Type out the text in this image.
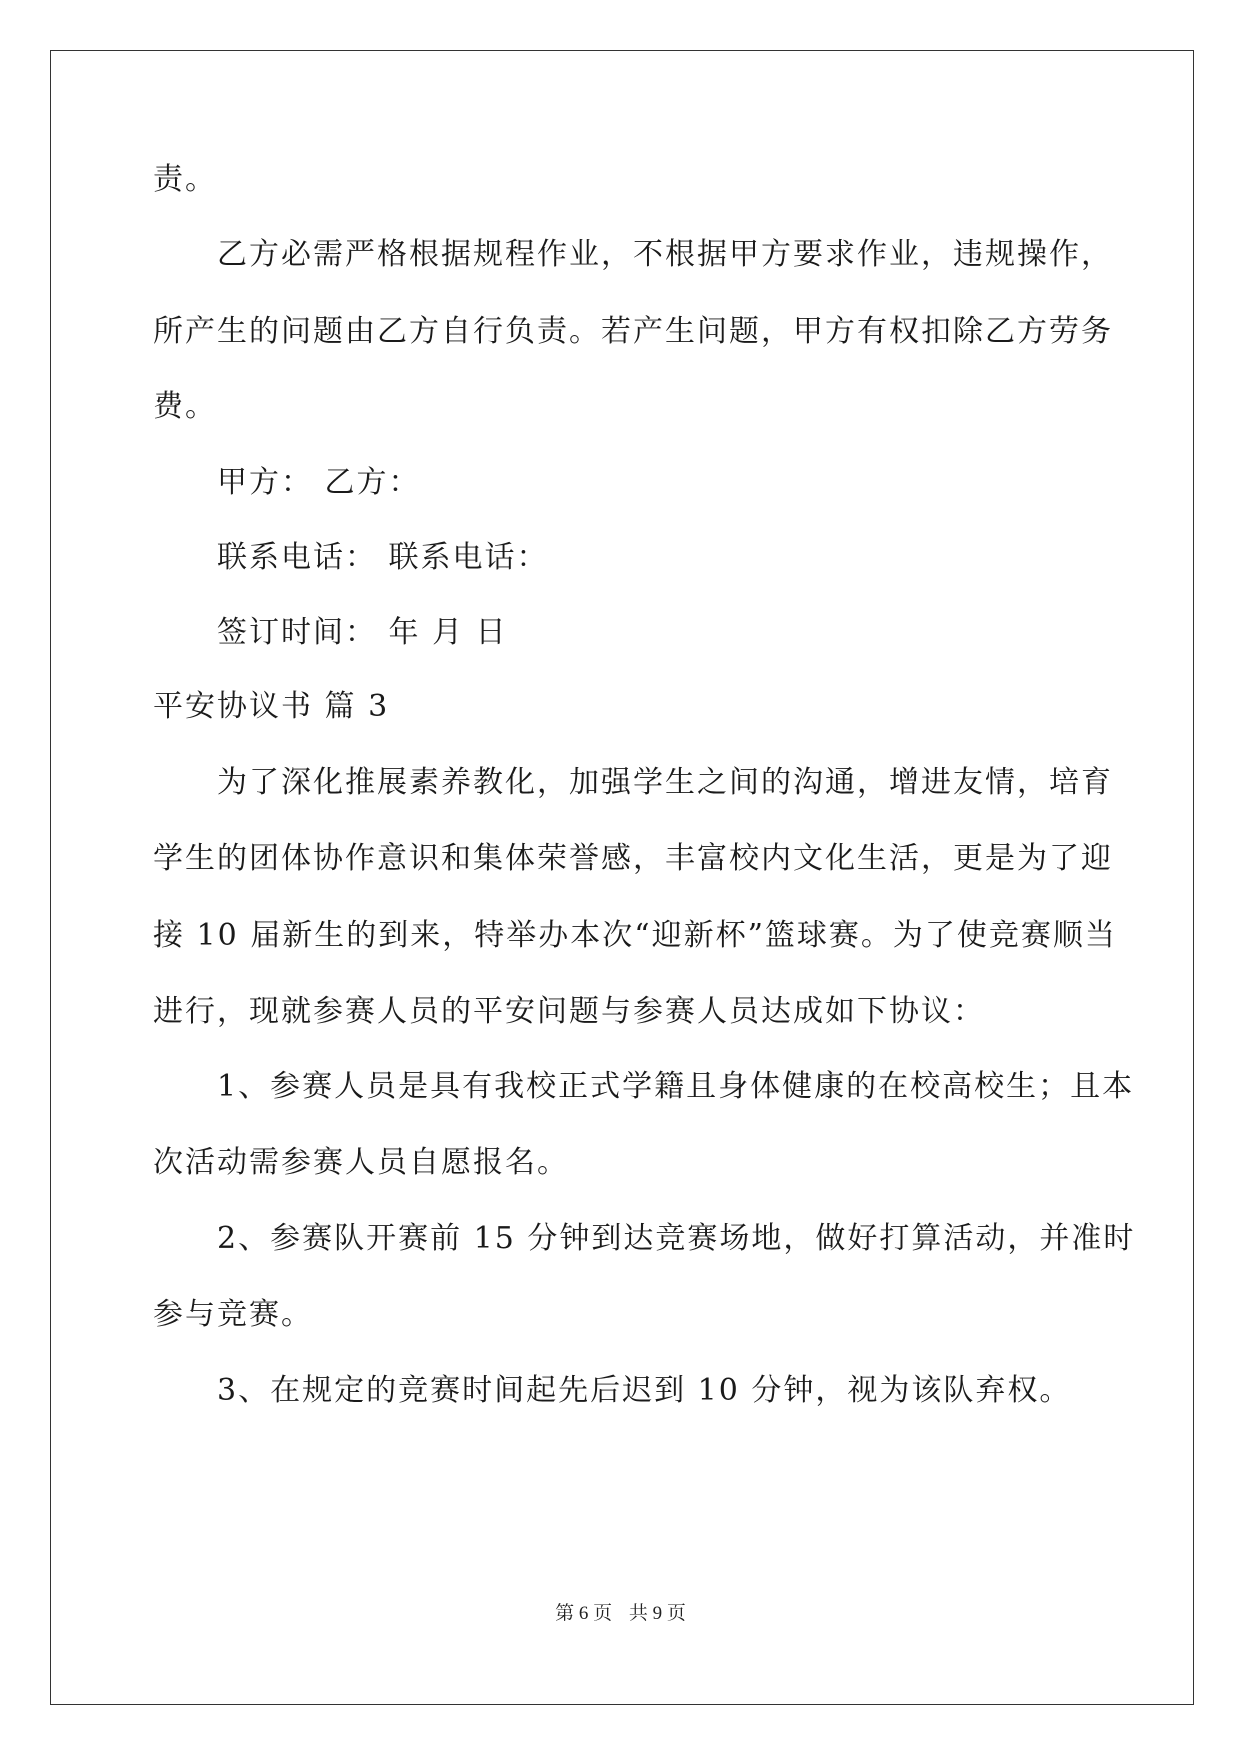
责。
乙方必需严格根据规程作业，不根据甲方要求作业，违规操作，
所产生的问题由乙方自行负责。若产生问题，甲方有权扣除乙方劳务
费。
甲方： 乙方：
联系电话： 联系电话：
签订时间： 年 月 日
平安协议书 篇 3
为了深化推展素养教化，加强学生之间的沟通，增进友情，培育
学生的团体协作意识和集体荣誉感，丰富校内文化生活，更是为了迎
接 10 届新生的到来，特举办本次“迎新杯”篮球赛。为了使竞赛顺当
进行，现就参赛人员的平安问题与参赛人员达成如下协议：
1、参赛人员是具有我校正式学籍且身体健康的在校高校生；且本
次活动需参赛人员自愿报名。
2、参赛队开赛前 15 分钟到达竞赛场地，做好打算活动，并准时
参与竞赛。
3、在规定的竞赛时间起先后迟到 10 分钟，视为该队弃权。
第 6 页 共 9 页
